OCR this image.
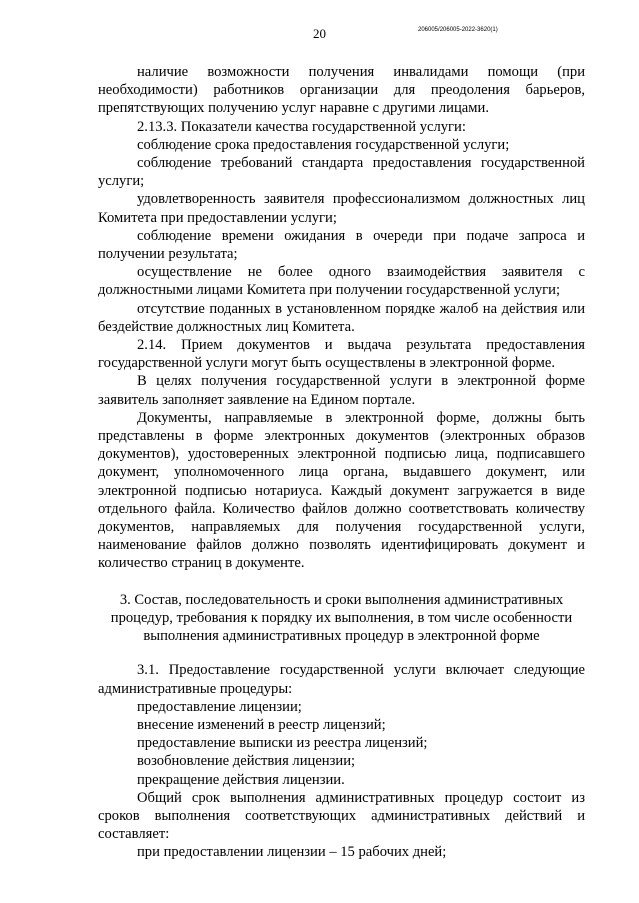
20	206005/206005-2022-3620(1)

наличие возможности получения инвалидами помощи (при необходимости) работников организации для преодоления барьеров, препятствующих получению услуг наравне с другими лицами.

2.13.3. Показатели качества государственной услуги:

соблюдение срока предоставления государственной услуги;

соблюдение требований стандарта предоставления государственной услуги;

удовлетворенность заявителя профессионализмом должностных лиц Комитета при предоставлении услуги;

соблюдение времени ожидания в очереди при подаче запроса и получении результата;

осуществление не более одного взаимодействия заявителя с должностными лицами Комитета при получении государственной услуги;

отсутствие поданных в установленном порядке жалоб на действия или бездействие должностных лиц Комитета.

2.14. Прием документов и выдача результата предоставления государственной услуги могут быть осуществлены в электронной форме.

В целях получения государственной услуги в электронной форме заявитель заполняет заявление на Едином портале.

Документы, направляемые в электронной форме, должны быть представлены в форме электронных документов (электронных образов документов), удостоверенных электронной подписью лица, подписавшего документ, уполномоченного лица органа, выдавшего документ, или электронной подписью нотариуса. Каждый документ загружается в виде отдельного файла. Количество файлов должно соответствовать количеству документов, направляемых для получения государственной услуги, наименование файлов должно позволять идентифицировать документ и количество страниц в документе.

3. Состав, последовательность и сроки выполнения административных
процедур, требования к порядку их выполнения, в том числе особенности
выполнения административных процедур в электронной форме

3.1. Предоставление государственной услуги включает следующие административные процедуры:

предоставление лицензии;

внесение изменений в реестр лицензий;

предоставление выписки из реестра лицензий;

возобновление действия лицензии;

прекращение действия лицензии.

Общий срок выполнения административных процедур состоит из сроков выполнения соответствующих административных действий и составляет:

при предоставлении лицензии – 15 рабочих дней;
